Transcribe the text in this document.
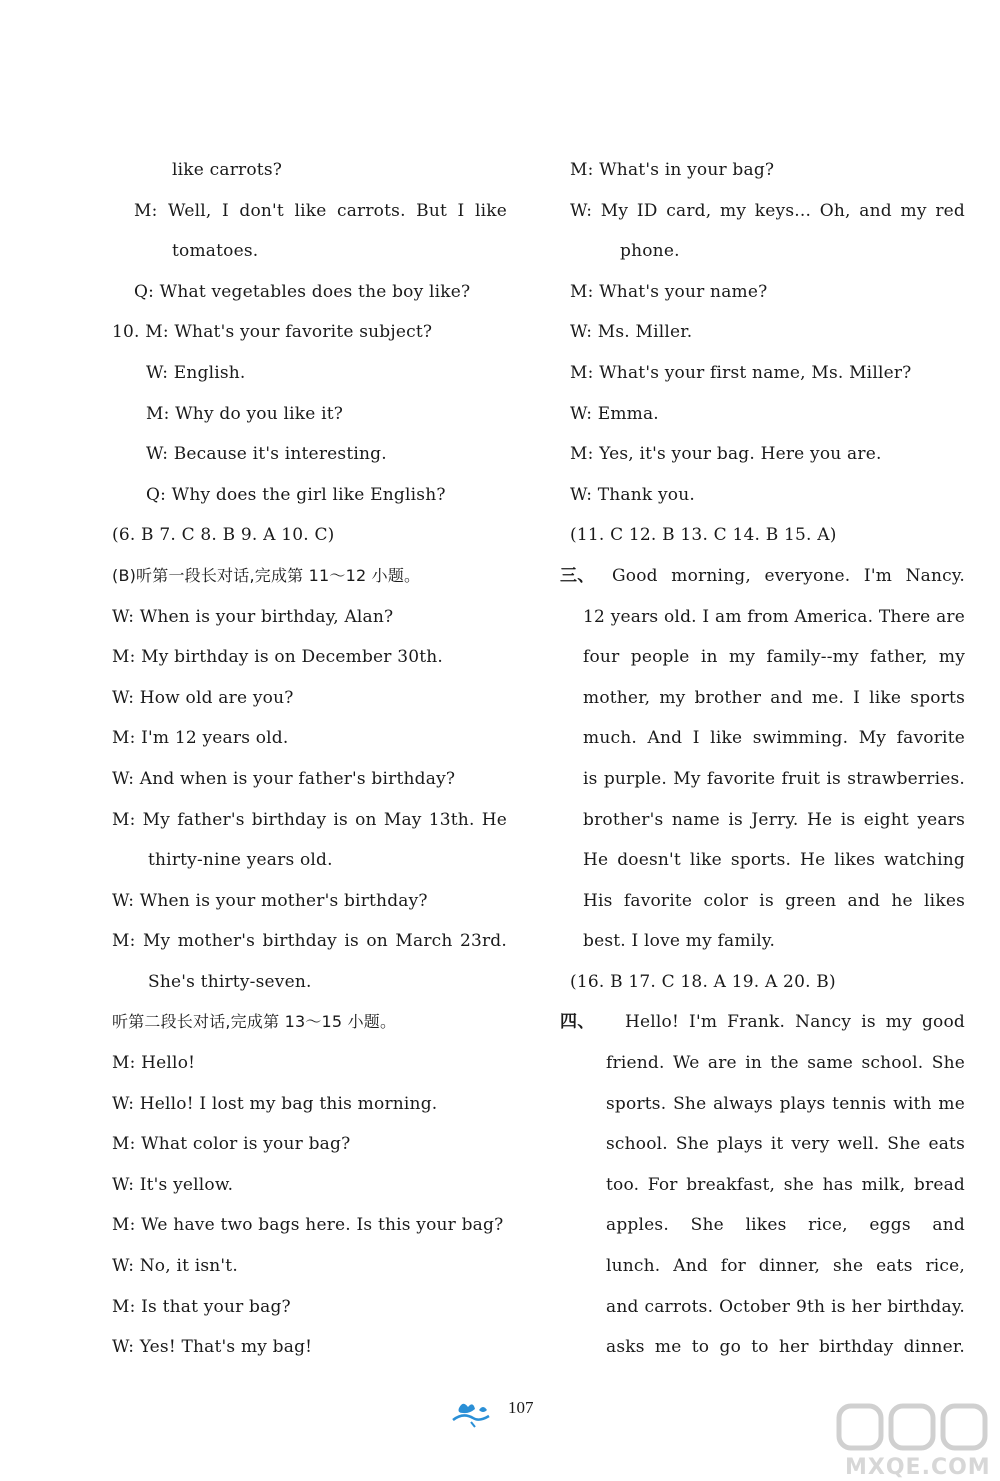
like carrots?
M: Well, I don't like carrots. But I like
tomatoes.
Q: What vegetables does the boy like?
10. M: What's your favorite subject?
W: English.
M: Why do you like it?
W: Because it's interesting.
Q: Why does the girl like English?
(6. B 7. C 8. B 9. A 10. C)
(B)听第一段长对话,完成第 11～12 小题。
W: When is your birthday, Alan?
M: My birthday is on December 30th.
W: How old are you?
M: I'm 12 years old.
W: And when is your father's birthday?
M: My father's birthday is on May 13th. He
thirty-nine years old.
W: When is your mother's birthday?
M: My mother's birthday is on March 23rd.
She's thirty-seven.
听第二段长对话,完成第 13～15 小题。
M: Hello!
W: Hello! I lost my bag this morning.
M: What color is your bag?
W: It's yellow.
M: We have two bags here. Is this your bag?
W: No, it isn't.
M: Is that your bag?
W: Yes! That's my bag!
M: What's in your bag?
W: My ID card, my keys... Oh, and my red
phone.
M: What's your name?
W: Ms. Miller.
M: What's your first name, Ms. Miller?
W: Emma.
M: Yes, it's your bag. Here you are.
W: Thank you.
(11. C 12. B 13. C 14. B 15. A)
三、	Good morning, everyone. I'm Nancy.
12 years old. I am from America. There are
four people in my family--my father, my
mother, my brother and me. I like sports
much. And I like swimming. My favorite
is purple. My favorite fruit is strawberries.
brother's name is Jerry. He is eight years
He doesn't like sports. He likes watching
His favorite color is green and he likes
best. I love my family.
(16. B 17. C 18. A 19. A 20. B)
四、	Hello! I'm Frank. Nancy is my good
friend. We are in the same school. She
sports. She always plays tennis with me
school. She plays it very well. She eats
too. For breakfast, she has milk, bread
apples. She likes rice, eggs and
lunch. And for dinner, she eats rice,
and carrots. October 9th is her birthday.
asks me to go to her birthday dinner.
107
MXQE.COM
